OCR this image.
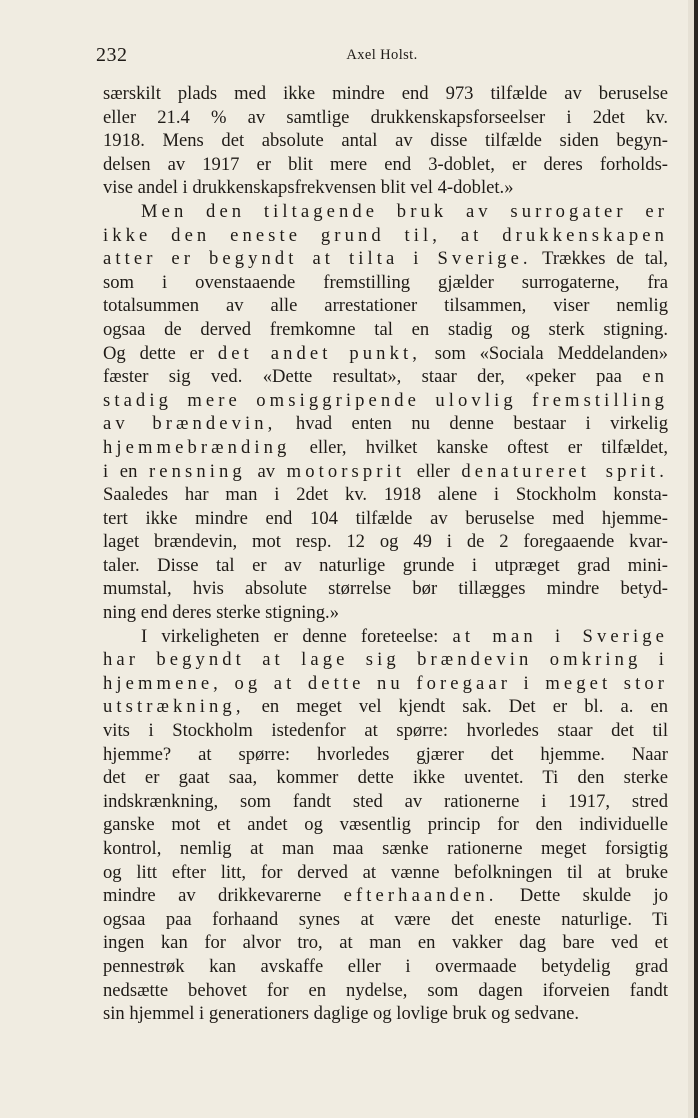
232	Axel Holst.
særskilt plads med ikke mindre end 973 tilfælde av beruselse
eller 21.4 % av samtlige drukkenskapsforseelser i 2det kv.
1918. Mens det absolute antal av disse tilfælde siden begyn-
delsen av 1917 er blit mere end 3-doblet, er deres forholds-
vise andel i drukkenskapsfrekvensen blit vel 4-doblet.»
Men den tiltagende bruk av surrogater er
ikke den eneste grund til, at drukkenskapen
atter er begyndt at tilta i Sverige. Trækkes de tal,
som i ovenstaaende fremstilling gjælder surrogaterne, fra
totalsummen av alle arrestationer tilsammen, viser nemlig
ogsaa de derved fremkomne tal en stadig og sterk stigning.
Og dette er det andet punkt, som «Sociala Meddelanden»
fæster sig ved. «Dette resultat», staar der, «peker paa en
stadig mere omsiggripende ulovlig fremstilling
av brændevin, hvad enten nu denne bestaar i virkelig
hjemmebrænding eller, hvilket kanske oftest er tilfældet,
i en rensning av motorsprit eller denatureret sprit.
Saaledes har man i 2det kv. 1918 alene i Stockholm konsta-
tert ikke mindre end 104 tilfælde av beruselse med hjemme-
laget brændevin, mot resp. 12 og 49 i de 2 foregaaende kvar-
taler. Disse tal er av naturlige grunde i utpræget grad mini-
mumstal, hvis absolute størrelse bør tillægges mindre betyd-
ning end deres sterke stigning.»
I virkeligheten er denne foreteelse: at man i Sverige
har begyndt at lage sig brændevin omkring i
hjemmene, og at dette nu foregaar i meget stor
utstrækning, en meget vel kjendt sak. Det er bl. a. en
vits i Stockholm istedenfor at spørre: hvorledes staar det til
hjemme? at spørre: hvorledes gjærer det hjemme. Naar
det er gaat saa, kommer dette ikke uventet. Ti den sterke
indskrænkning, som fandt sted av rationerne i 1917, stred
ganske mot et andet og væsentlig princip for den individuelle
kontrol, nemlig at man maa sænke rationerne meget forsigtig
og litt efter litt, for derved at vænne befolkningen til at bruke
mindre av drikkevarerne efterhaanden. Dette skulde jo
ogsaa paa forhaand synes at være det eneste naturlige. Ti
ingen kan for alvor tro, at man en vakker dag bare ved et
pennestrøk kan avskaffe eller i overmaade betydelig grad
nedsætte behovet for en nydelse, som dagen iforveien fandt
sin hjemmel i generationers daglige og lovlige bruk og sedvane.
